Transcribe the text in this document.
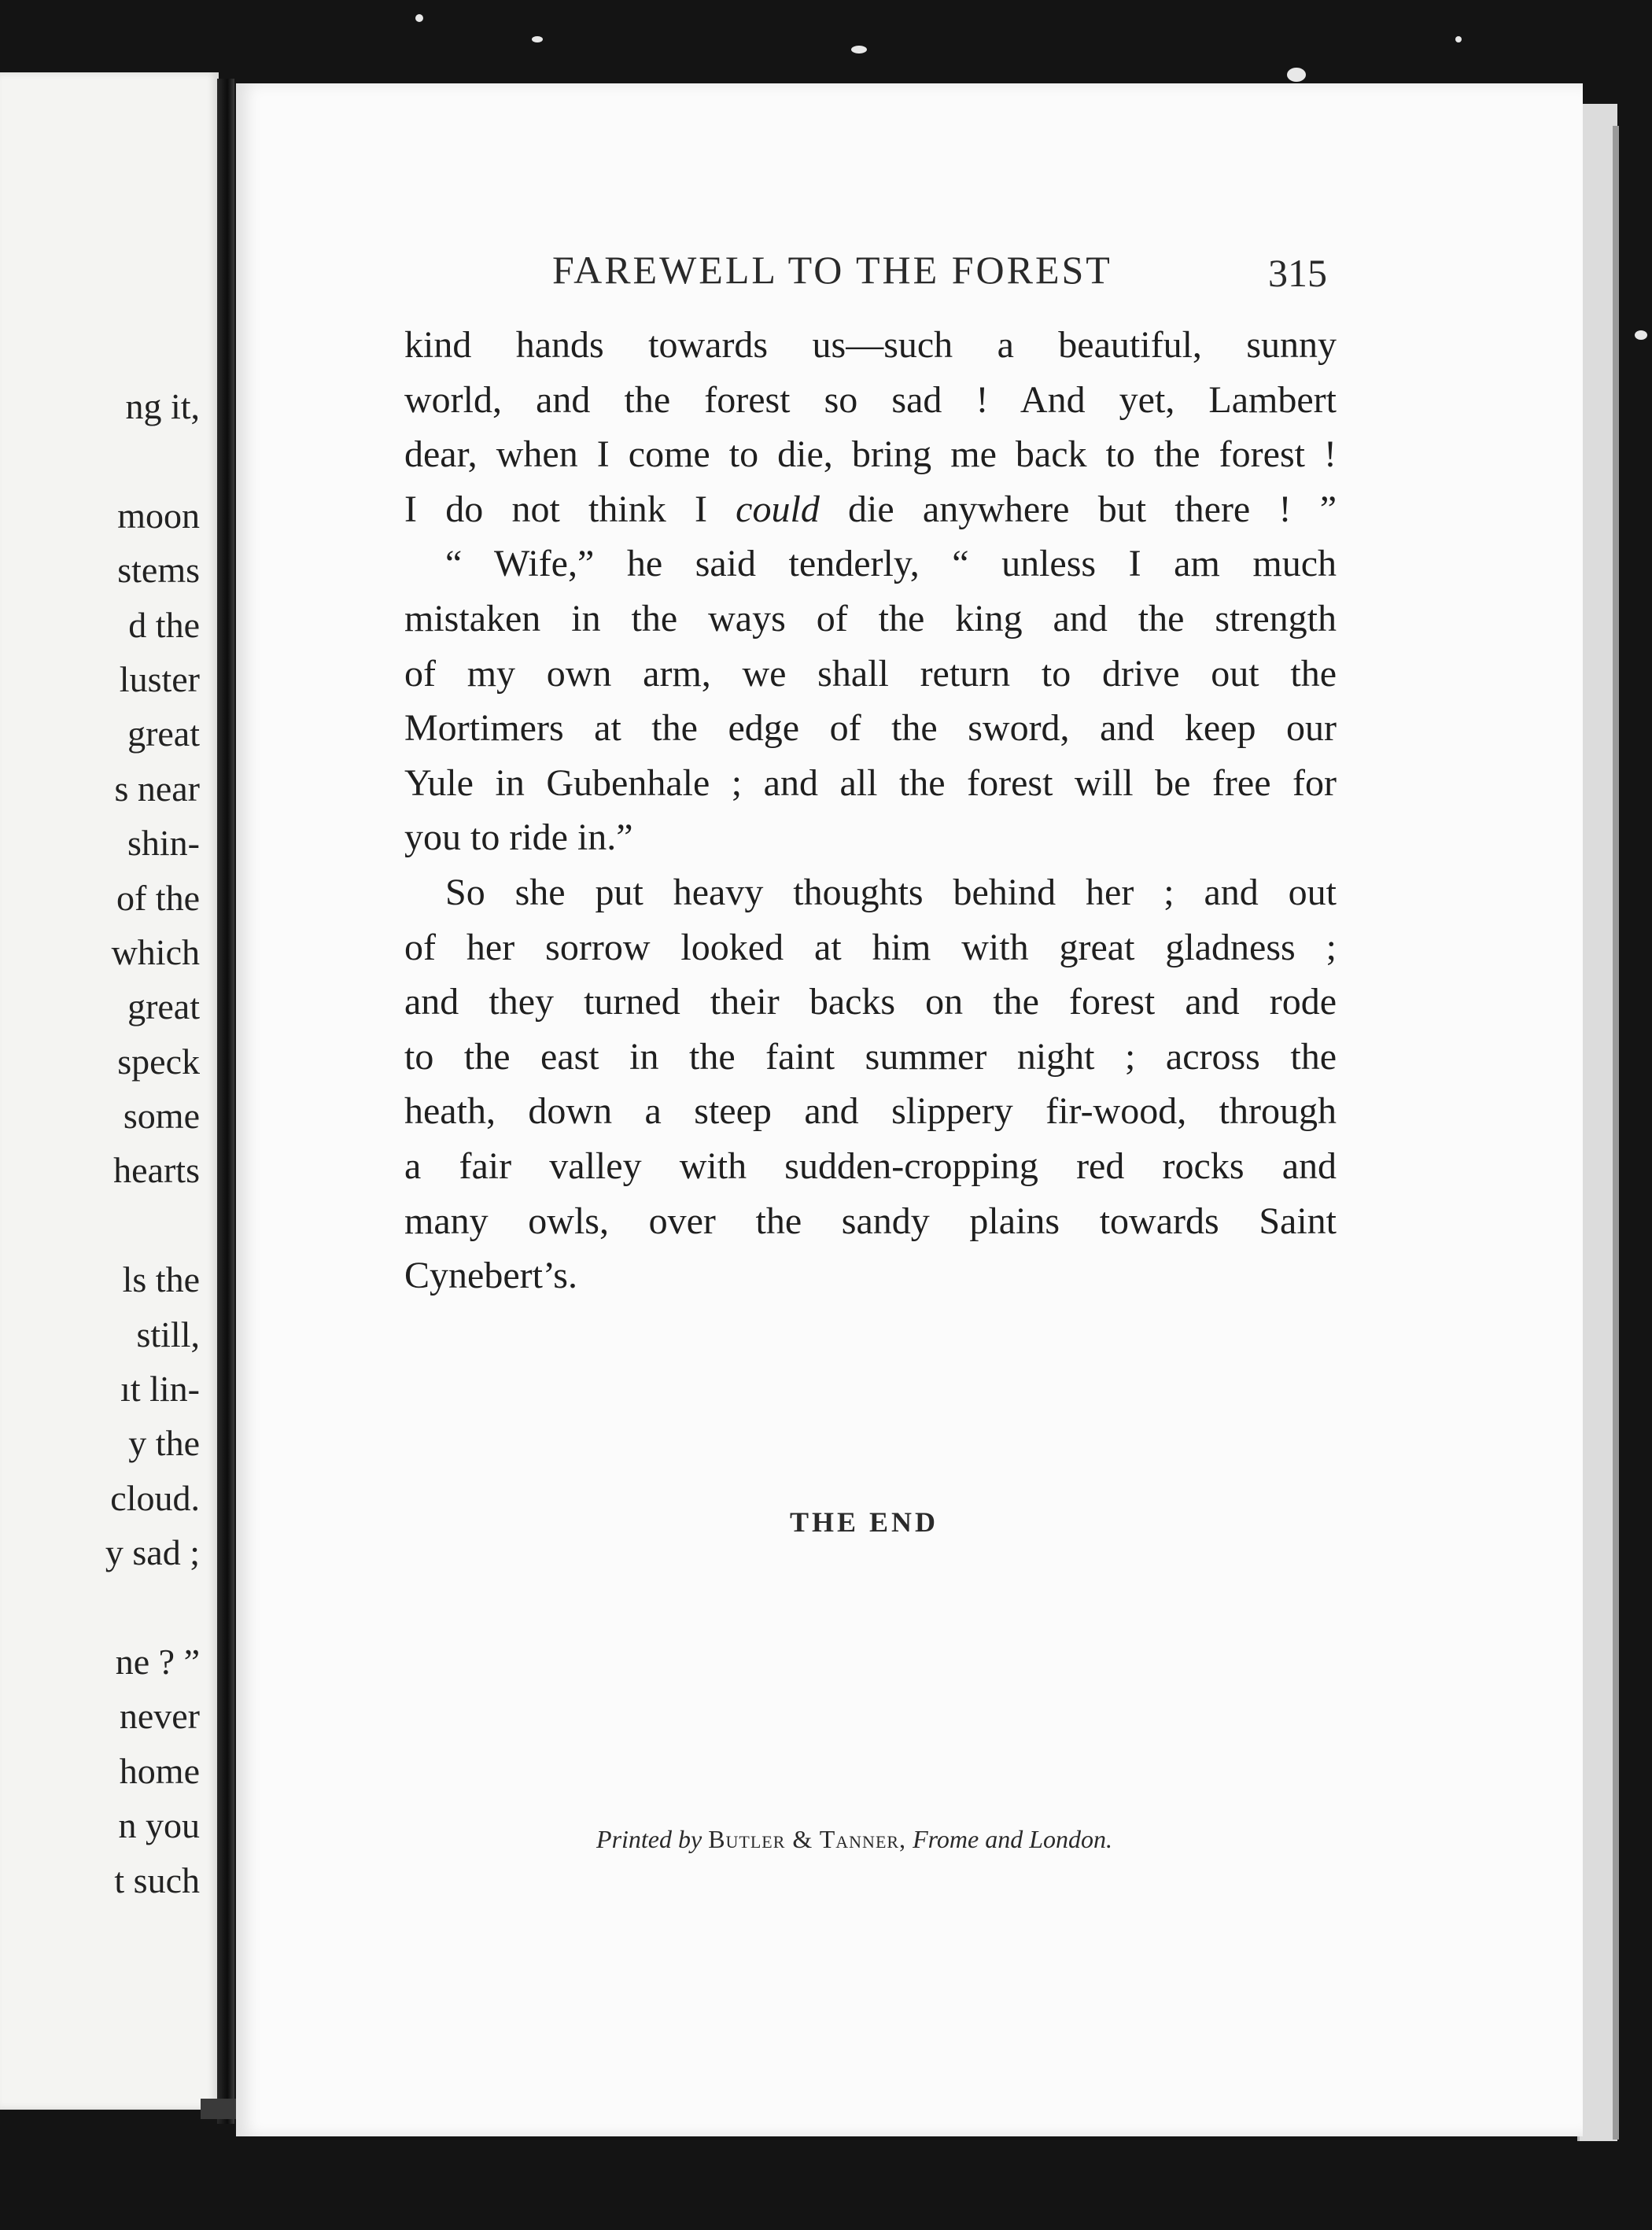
ng it,
moon
stems
d the
luster
great
s near
shin-
of the
which
great
speck
some
hearts
ls the
still,
ıt lin-
y the
cloud.
y sad ;
ne ? ”
never
home
n you
t such
FAREWELL TO THE FOREST	315
kind hands towards us—such a beautiful, sunny
world, and the forest so sad ! And yet, Lambert
dear, when I come to die, bring me back to the forest !
I do not think I could die anywhere but there ! ”
“ Wife,” he said tenderly, “ unless I am much
mistaken in the ways of the king and the strength
of my own arm, we shall return to drive out the
Mortimers at the edge of the sword, and keep our
Yule in Gubenhale ; and all the forest will be free for
you to ride in.”
So she put heavy thoughts behind her ; and out
of her sorrow looked at him with great gladness ;
and they turned their backs on the forest and rode
to the east in the faint summer night ; across the
heath, down a steep and slippery fir-wood, through
a fair valley with sudden-cropping red rocks and
many owls, over the sandy plains towards Saint
Cynebert’s.
THE END
Printed by Butler & Tanner, Frome and London.
